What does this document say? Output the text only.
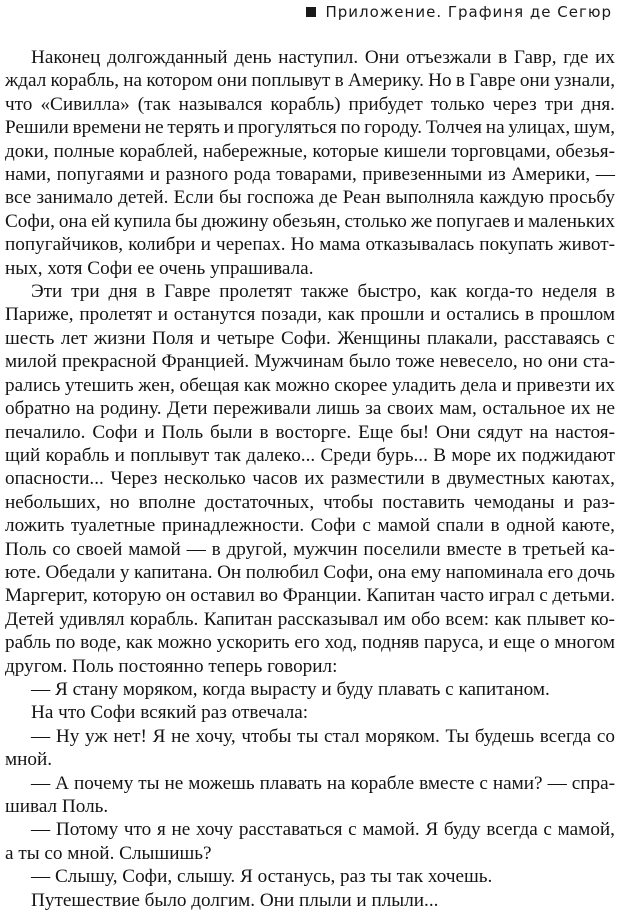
Приложение. Графиня де Сегюр
Наконец долгожданный день наступил. Они отъезжали в Гавр, где их
ждал корабль, на котором они поплывут в Америку. Но в Гавре они узнали,
что «Сивилла» (так назывался корабль) прибудет только через три дня.
Решили времени не терять и прогуляться по городу. Толчея на улицах, шум,
доки, полные кораблей, набережные, которые кишели торговцами, обезья-
нами, попугаями и разного рода товарами, привезенными из Америки, —
все занимало детей. Если бы госпожа де Реан выполняла каждую просьбу
Софи, она ей купила бы дюжину обезьян, столько же попугаев и маленьких
попугайчиков, колибри и черепах. Но мама отказывалась покупать живот-
ных, хотя Софи ее очень упрашивала.
Эти три дня в Гавре пролетят также быстро, как когда-то неделя в
Париже, пролетят и останутся позади, как прошли и остались в прошлом
шесть лет жизни Поля и четыре Софи. Женщины плакали, расставаясь с
милой прекрасной Францией. Мужчинам было тоже невесело, но они ста-
рались утешить жен, обещая как можно скорее уладить дела и привезти их
обратно на родину. Дети переживали лишь за своих мам, остальное их не
печалило. Софи и Поль были в восторге. Еще бы! Они сядут на настоя-
щий корабль и поплывут так далеко... Среди бурь... В море их поджидают
опасности... Через несколько часов их разместили в двуместных каютах,
небольших, но вполне достаточных, чтобы поставить чемоданы и раз-
ложить туалетные принадлежности. Софи с мамой спали в одной каюте,
Поль со своей мамой — в другой, мужчин поселили вместе в третьей ка-
юте. Обедали у капитана. Он полюбил Софи, она ему напоминала его дочь
Маргерит, которую он оставил во Франции. Капитан часто играл с детьми.
Детей удивлял корабль. Капитан рассказывал им обо всем: как плывет ко-
рабль по воде, как можно ускорить его ход, подняв паруса, и еще о многом
другом. Поль постоянно теперь говорил:
— Я стану моряком, когда вырасту и буду плавать с капитаном.
На что Софи всякий раз отвечала:
— Ну уж нет! Я не хочу, чтобы ты стал моряком. Ты будешь всегда со
мной.
— А почему ты не можешь плавать на корабле вместе с нами? — спра-
шивал Поль.
— Потому что я не хочу расставаться с мамой. Я буду всегда с мамой,
а ты со мной. Слышишь?
— Слышу, Софи, слышу. Я останусь, раз ты так хочешь.
Путешествие было долгим. Они плыли и плыли...
